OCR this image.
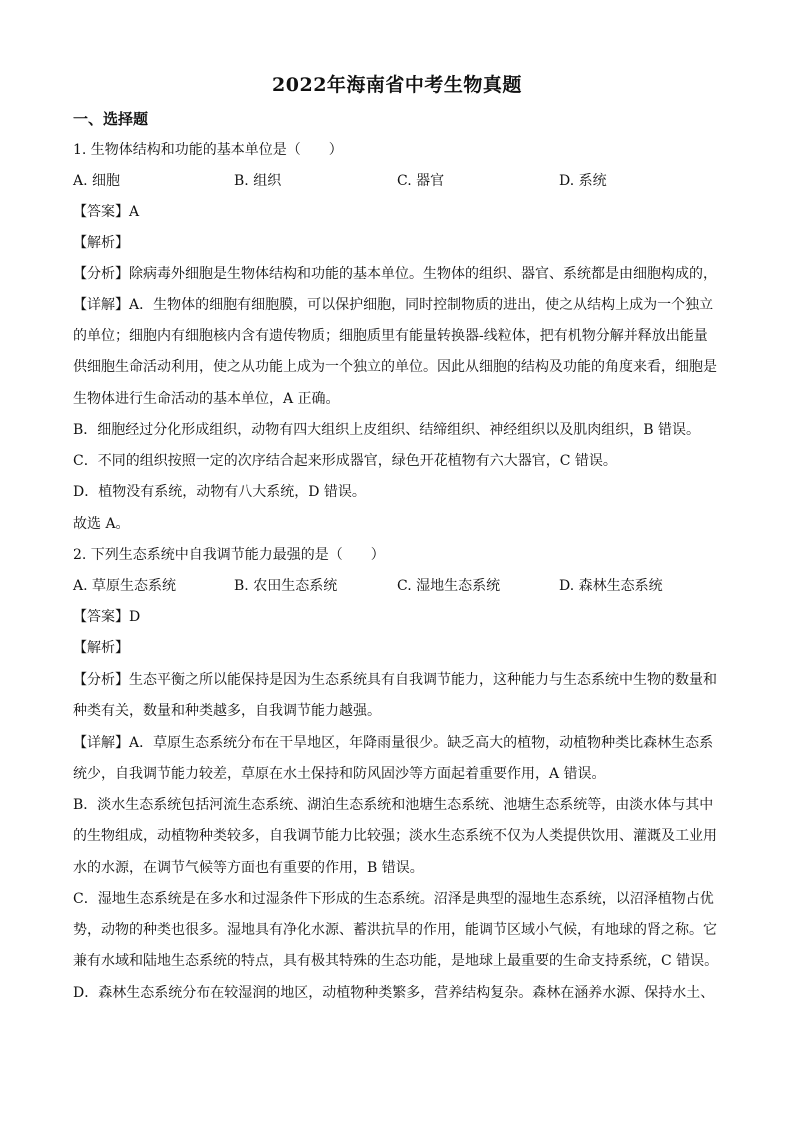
2022年海南省中考生物真题
一、选择题
1. 生物体结构和功能的基本单位是（　　）
A. 细胞	B. 组织	C. 器官	D. 系统
【答案】A
【解析】
【分析】除病毒外细胞是生物体结构和功能的基本单位。生物体的组织、器官、系统都是由细胞构成的，
【详解】A．生物体的细胞有细胞膜，可以保护细胞，同时控制物质的进出，使之从结构上成为一个独立
的单位；细胞内有细胞核内含有遗传物质；细胞质里有能量转换器-线粒体，把有机物分解并释放出能量
供细胞生命活动利用，使之从功能上成为一个独立的单位。因此从细胞的结构及功能的角度来看，细胞是
生物体进行生命活动的基本单位，A 正确。
B．细胞经过分化形成组织，动物有四大组织上皮组织、结缔组织、神经组织以及肌肉组织，B 错误。
C．不同的组织按照一定的次序结合起来形成器官，绿色开花植物有六大器官，C 错误。
D．植物没有系统，动物有八大系统，D 错误。
故选 A。
2. 下列生态系统中自我调节能力最强的是（　　）
A. 草原生态系统	B. 农田生态系统	C. 湿地生态系统	D. 森林生态系统
【答案】D
【解析】
【分析】生态平衡之所以能保持是因为生态系统具有自我调节能力，这种能力与生态系统中生物的数量和
种类有关，数量和种类越多，自我调节能力越强。
【详解】A．草原生态系统分布在干旱地区，年降雨量很少。缺乏高大的植物，动植物种类比森林生态系
统少，自我调节能力较差，草原在水土保持和防风固沙等方面起着重要作用，A 错误。
B．淡水生态系统包括河流生态系统、湖泊生态系统和池塘生态系统、池塘生态系统等，由淡水体与其中
的生物组成，动植物种类较多，自我调节能力比较强；淡水生态系统不仅为人类提供饮用、灌溉及工业用
水的水源，在调节气候等方面也有重要的作用，B 错误。
C．湿地生态系统是在多水和过湿条件下形成的生态系统。沼泽是典型的湿地生态系统，以沼泽植物占优
势，动物的种类也很多。湿地具有净化水源、蓄洪抗旱的作用，能调节区域小气候，有地球的肾之称。它
兼有水域和陆地生态系统的特点，具有极其特殊的生态功能，是地球上最重要的生命支持系统，C 错误。
D．森林生态系统分布在较湿润的地区，动植物种类繁多，营养结构复杂。森林在涵养水源、保持水土、
